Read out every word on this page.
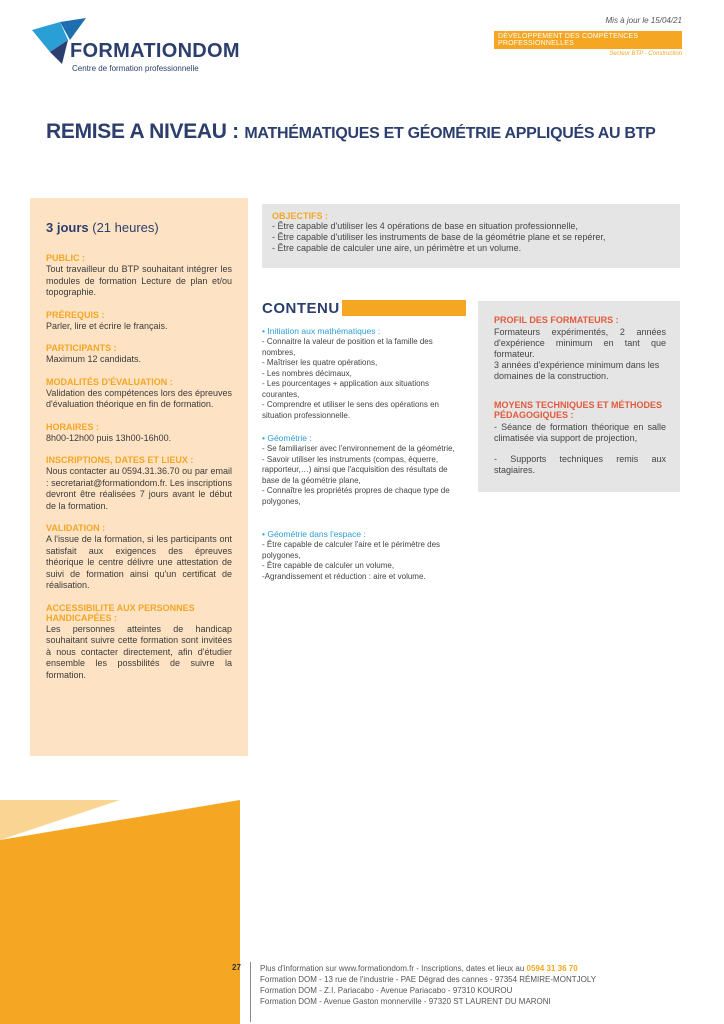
FORMATIONDOM
Centre de formation professionnelle
Mis à jour le 15/04/21
DÉVELOPPEMENT DES COMPÉTENCES PROFESSIONNELLES
Secteur BTP - Construction
REMISE A NIVEAU : MATHÉMATIQUES ET GÉOMÉTRIE APPLIQUÉS AU BTP
3 jours (21 heures)
PUBLIC :
Tout travailleur du BTP souhaitant intégrer les modules de formation Lecture de plan et/ou topographie.
PRÉREQUIS :
Parler, lire et écrire le français.
PARTICIPANTS :
Maximum 12 candidats.
MODALITÉS D'ÉVALUATION :
Validation des compétences lors des épreuves d'évaluation théorique en fin de formation.
HORAIRES :
8h00-12h00 puis 13h00-16h00.
INSCRIPTIONS, DATES ET LIEUX :
Nous contacter au 0594.31.36.70 ou par email : secretariat@formationdom.fr. Les inscriptions devront être réalisées 7 jours avant le début de la formation.
VALIDATION :
A l'issue de la formation, si les participants ont satisfait aux exigences des épreuves théorique le centre délivre une attestation de suivi de formation ainsi qu'un certificat de réalisation.
ACCESSIBILITE AUX PERSONNES HANDICAPÉES :
Les personnes atteintes de handicap souhaitant suivre cette formation sont invitées à nous contacter directement, afin d'étudier ensemble les possbilités de suivre la formation.
OBJECTIFS :
- Être capable d'utiliser les 4 opérations de base en situation professionnelle,
- Être capable d'utiliser les instruments de base de la géométrie plane et se repérer,
- Être capable de calculer une aire, un périmètre et un volume.
CONTENU
• Initiation aux mathématiques :
- Connaitre la valeur de position et la famille des nombres,
- Maîtriser les quatre opérations,
- Les nombres décimaux,
- Les pourcentages + application aux situations courantes,
- Comprendre et utiliser le sens des opérations en situation professionnelle.
• Géométrie :
- Se familiariser avec l'environnement de la géométrie,
- Savoir utiliser les instruments (compas, équerre, rapporteur,…) ainsi que l'acquisition des résultats de base de la géométrie plane,
- Connaître les propriétés propres de chaque type de polygones,
• Géométrie dans l'espace :
- Être capable de calculer l'aire et le périmètre des polygones,
- Être capable de calculer un volume,
-Agrandissement et réduction : aire et volume.
PROFIL DES FORMATEURS :
Formateurs expérimentés, 2 années d'expérience minimum en tant que formateur.
3 années d'expérience minimum dans les domaines de la construction.
MOYENS TECHNIQUES ET MÉTHODES PÉDAGOGIQUES :
- Séance de formation théorique en salle climatisée via support de projection,
- Supports techniques remis aux stagiaires.
27 Plus d'information sur www.formationdom.fr - Inscriptions, dates et lieux au 0594 31 36 70
Formation DOM - 13 rue de l'industrie - PAE Dégrad des cannes - 97354 RÉMIRE-MONTJOLY
Formation DOM - Z.I. Pariacabo - Avenue Pariacabo - 97310 KOUROU
Formation DOM - Avenue Gaston monnerville - 97320 ST LAURENT DU MARONI
